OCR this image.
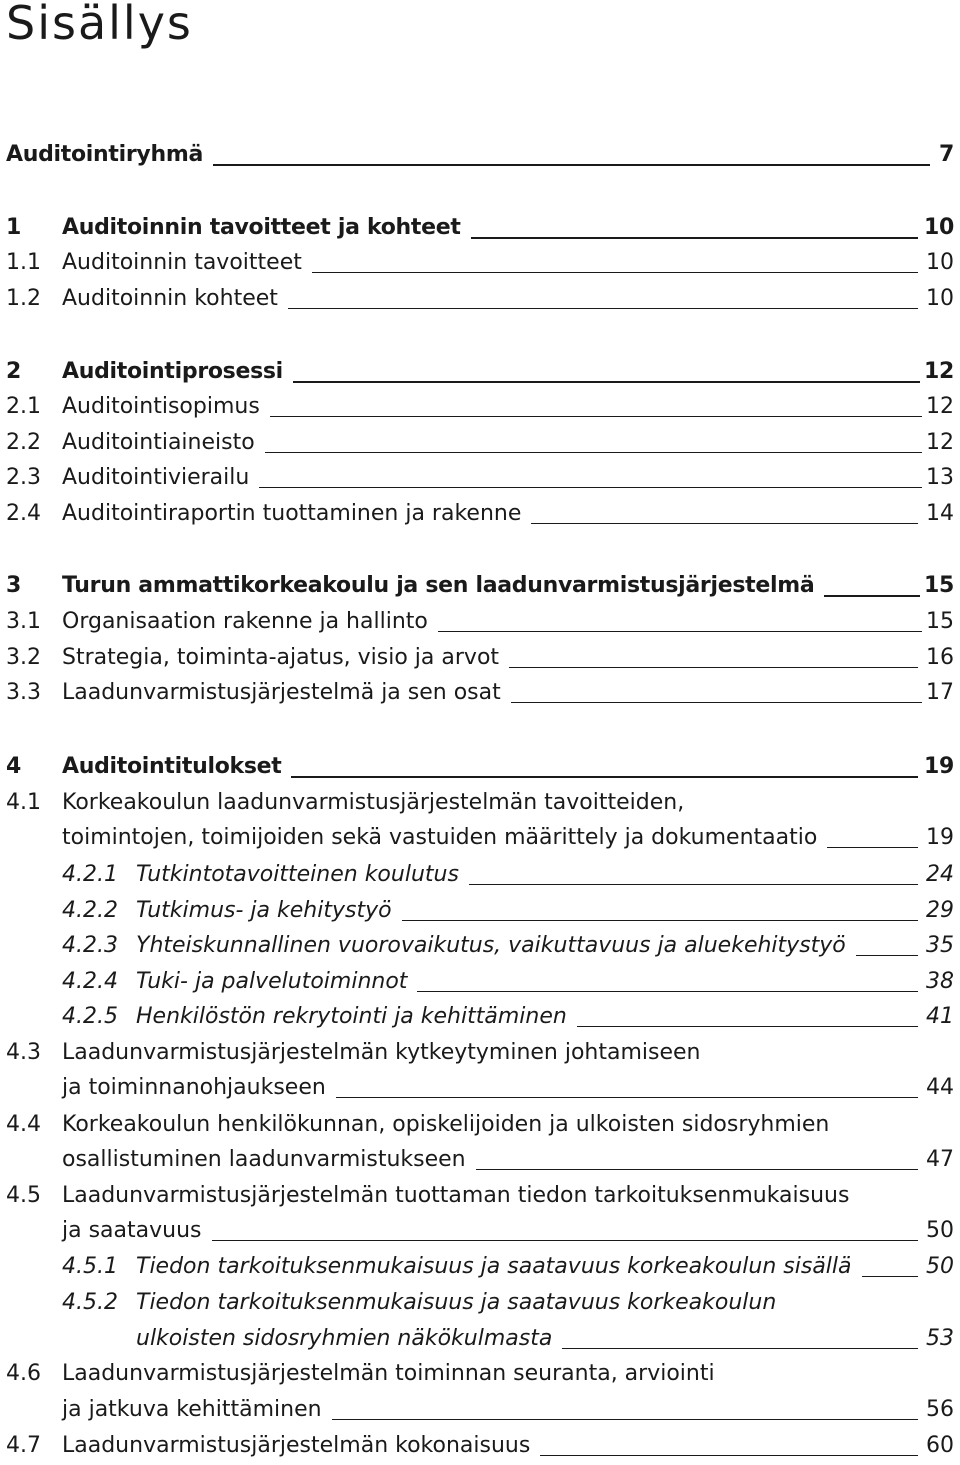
Sisällys
Auditointiryhmä	7
1 Auditoinnin tavoitteet ja kohteet	10
1.1 Auditoinnin tavoitteet	10
1.2 Auditoinnin kohteet	10
2 Auditointiprosessi	12
2.1 Auditointisopimus	12
2.2 Auditointiaineisto	12
2.3 Auditointivierailu	13
2.4 Auditointiraportin tuottaminen ja rakenne	14
3 Turun ammattikorkeakoulu ja sen laadunvarmistusjärjestelmä	15
3.1 Organisaation rakenne ja hallinto	15
3.2 Strategia, toiminta-ajatus, visio ja arvot	16
3.3 Laadunvarmistusjärjestelmä ja sen osat	17
4 Auditointitulokset	19
4.1 Korkeakoulun laadunvarmistusjärjestelmän tavoitteiden,
toimintojen, toimijoiden sekä vastuiden määrittely ja dokumentaatio	19
4.2.1 Tutkintotavoitteinen koulutus	24
4.2.2 Tutkimus- ja kehitystyö	29
4.2.3 Yhteiskunnallinen vuorovaikutus, vaikuttavuus ja aluekehitystyö	35
4.2.4 Tuki- ja palvelutoiminnot	38
4.2.5 Henkilöstön rekrytointi ja kehittäminen	41
4.3 Laadunvarmistusjärjestelmän kytkeytyminen johtamiseen
ja toiminnanohjaukseen	44
4.4 Korkeakoulun henkilökunnan, opiskelijoiden ja ulkoisten sidosryhmien
osallistuminen laadunvarmistukseen	47
4.5 Laadunvarmistusjärjestelmän tuottaman tiedon tarkoituksenmukaisuus
ja saatavuus	50
4.5.1 Tiedon tarkoituksenmukaisuus ja saatavuus korkeakoulun sisällä	50
4.5.2 Tiedon tarkoituksenmukaisuus ja saatavuus korkeakoulun
ulkoisten sidosryhmien näkökulmasta	53
4.6 Laadunvarmistusjärjestelmän toiminnan seuranta, arviointi
ja jatkuva kehittäminen	56
4.7 Laadunvarmistusjärjestelmän kokonaisuus	60
